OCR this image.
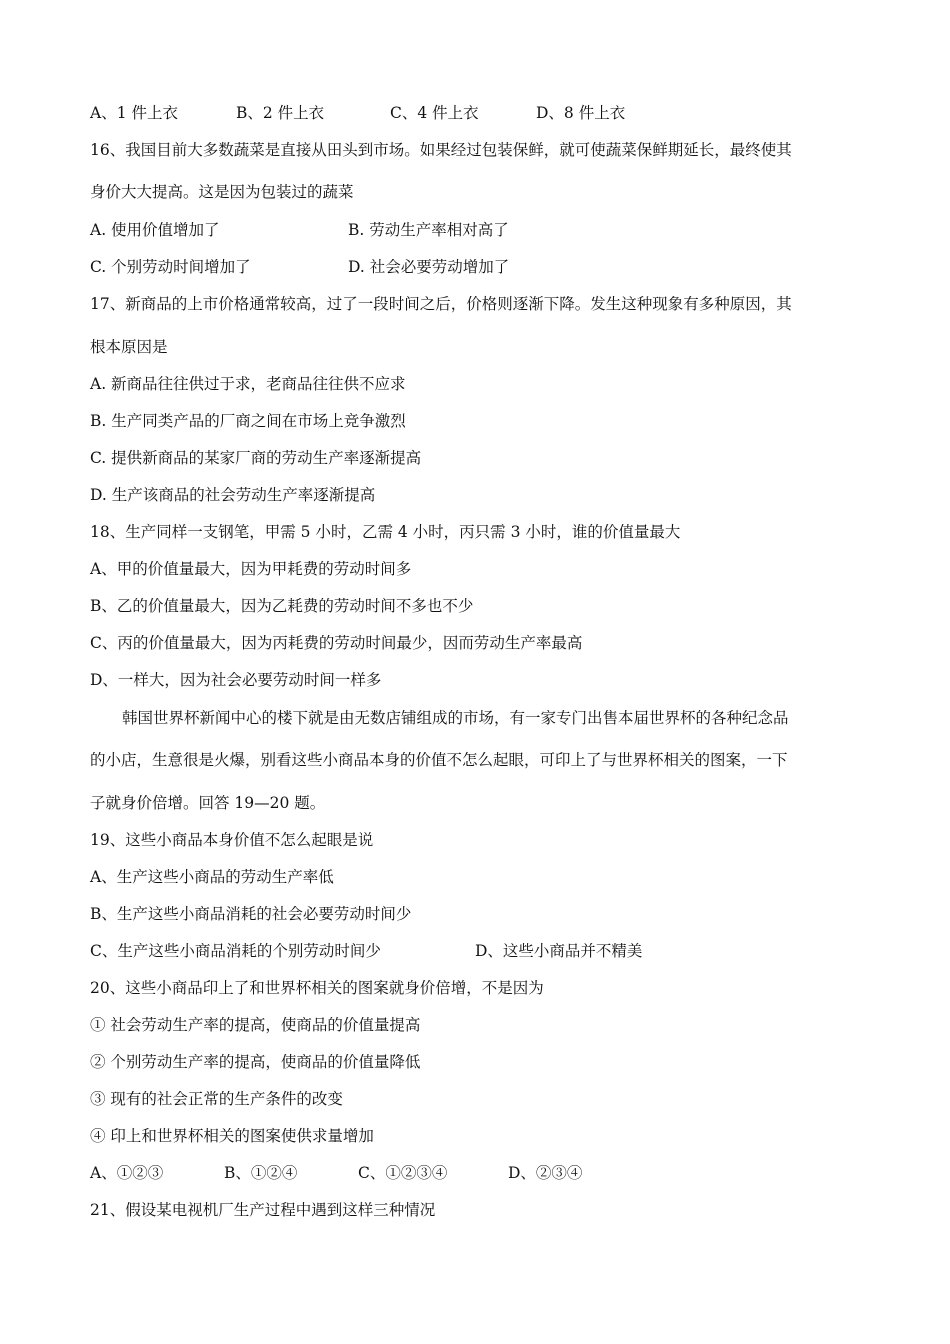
A、1 件上衣	B、2 件上衣	C、4 件上衣	D、8 件上衣
16、我国目前大多数蔬菜是直接从田头到市场。如果经过包装保鲜，就可使蔬菜保鲜期延长，最终使其
身价大大提高。这是因为包装过的蔬菜
A. 使用价值增加了	B. 劳动生产率相对高了
C. 个别劳动时间增加了	D. 社会必要劳动增加了
17、新商品的上市价格通常较高，过了一段时间之后，价格则逐渐下降。发生这种现象有多种原因，其
根本原因是
A. 新商品往往供过于求，老商品往往供不应求
B. 生产同类产品的厂商之间在市场上竞争激烈
C. 提供新商品的某家厂商的劳动生产率逐渐提高
D. 生产该商品的社会劳动生产率逐渐提高
18、生产同样一支钢笔，甲需 5 小时，乙需 4 小时，丙只需 3 小时，谁的价值量最大
A、甲的价值量最大，因为甲耗费的劳动时间多
B、乙的价值量最大，因为乙耗费的劳动时间不多也不少
C、丙的价值量最大，因为丙耗费的劳动时间最少，因而劳动生产率最高
D、一样大，因为社会必要劳动时间一样多
韩国世界杯新闻中心的楼下就是由无数店铺组成的市场，有一家专门出售本届世界杯的各种纪念品
的小店，生意很是火爆，别看这些小商品本身的价值不怎么起眼，可印上了与世界杯相关的图案，一下
子就身价倍增。回答 19—20 题。
19、这些小商品本身价值不怎么起眼是说
A、生产这些小商品的劳动生产率低
B、生产这些小商品消耗的社会必要劳动时间少
C、生产这些小商品消耗的个别劳动时间少	D、这些小商品并不精美
20、这些小商品印上了和世界杯相关的图案就身价倍增，不是因为
① 社会劳动生产率的提高，使商品的价值量提高
② 个别劳动生产率的提高，使商品的价值量降低
③ 现有的社会正常的生产条件的改变
④ 印上和世界杯相关的图案使供求量增加
A、①②③	B、①②④	C、①②③④	D、②③④
21、假设某电视机厂生产过程中遇到这样三种情况
